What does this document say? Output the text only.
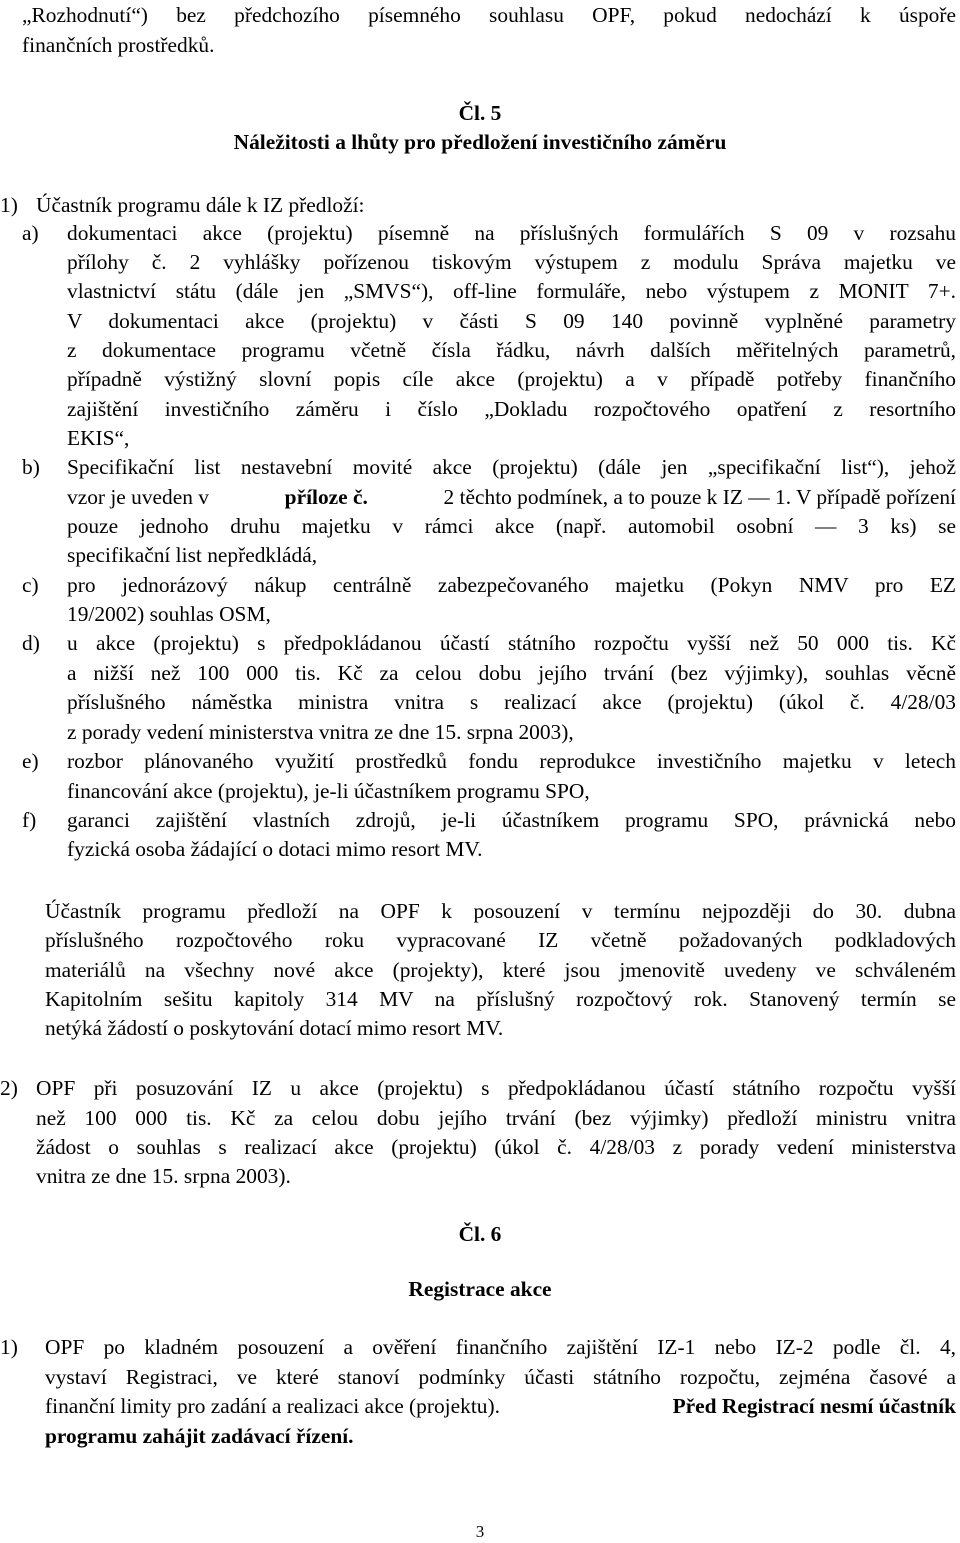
„Rozhodnutí“) bez předchozího písemného souhlasu OPF, pokud nedochází k úspoře
finančních prostředků.
Čl. 5
Náležitosti a lhůty pro předložení investičního záměru
1) Účastník programu dále k IZ předloží:
a) dokumentaci akce (projektu) písemně na příslušných formulářích S 09 v rozsahu
přílohy č. 2 vyhlášky pořízenou tiskovým výstupem z modulu Správa majetku ve
vlastnictví státu (dále jen „SMVS“), off-line formuláře, nebo výstupem z MONIT 7+.
V dokumentaci akce (projektu) v části S 09 140 povinně vyplněné parametry
z dokumentace programu včetně čísla řádku, návrh dalších měřitelných parametrů,
případně výstižný slovní popis cíle akce (projektu) a v případě potřeby finančního
zajištění investičního záměru i číslo „Dokladu rozpočtového opatření z resortního
EKIS“,
b) Specifikační list nestavební movité akce (projektu) (dále jen „specifikační list“), jehož
vzor je uveden v	příloze č.	2 těchto podmínek, a to pouze k IZ — 1. V případě pořízení
pouze jednoho druhu majetku v rámci akce (např. automobil osobní — 3 ks) se
specifikační list nepředkládá,
c) pro jednorázový nákup centrálně zabezpečovaného majetku (Pokyn NMV pro EZ
19/2002) souhlas OSM,
d) u akce (projektu) s předpokládanou účastí státního rozpočtu vyšší než 50 000 tis. Kč
a nižší než 100 000 tis. Kč za celou dobu jejího trvání (bez výjimky), souhlas věcně
příslušného náměstka ministra vnitra s realizací akce (projektu) (úkol č. 4/28/03
z porady vedení ministerstva vnitra ze dne 15. srpna 2003),
e) rozbor plánovaného využití prostředků fondu reprodukce investičního majetku v letech
financování akce (projektu), je-li účastníkem programu SPO,
f) garanci zajištění vlastních zdrojů, je-li účastníkem programu SPO, právnická nebo
fyzická osoba žádající o dotaci mimo resort MV.
Účastník programu předloží na OPF k posouzení v termínu nejpozději do 30. dubna
příslušného rozpočtového roku vypracované IZ včetně požadovaných podkladových
materiálů na všechny nové akce (projekty), které jsou jmenovitě uvedeny ve schváleném
Kapitolním sešitu kapitoly 314 MV na příslušný rozpočtový rok. Stanovený termín se
netýká žádostí o poskytování dotací mimo resort MV.
2) OPF při posuzování IZ u akce (projektu) s předpokládanou účastí státního rozpočtu vyšší
než 100 000 tis. Kč za celou dobu jejího trvání (bez výjimky) předloží ministru vnitra
žádost o souhlas s realizací akce (projektu) (úkol č. 4/28/03 z porady vedení ministerstva
vnitra ze dne 15. srpna 2003).
Čl. 6
Registrace akce
1) OPF po kladném posouzení a ověření finančního zajištění IZ-1 nebo IZ-2 podle čl. 4,
vystaví Registraci, ve které stanoví podmínky účasti státního rozpočtu, zejména časové a
finanční limity pro zadání a realizaci akce (projektu).	Před Registrací nesmí účastník
programu zahájit zadávací řízení.
3
